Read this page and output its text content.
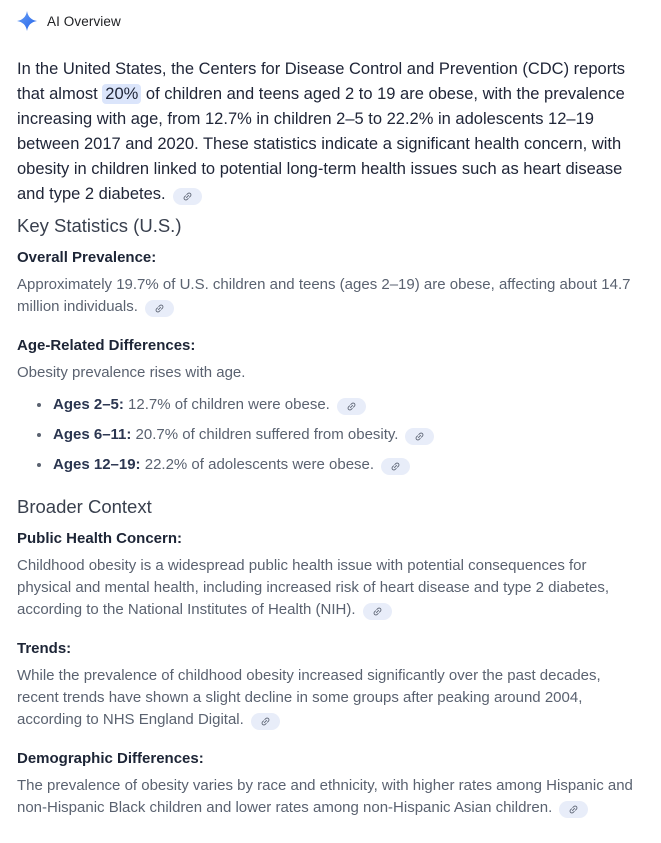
AI Overview

In the United States, the Centers for Disease Control and Prevention (CDC) reports that almost 20% of children and teens aged 2 to 19 are obese, with the prevalence increasing with age, from 12.7% in children 2–5 to 22.2% in adolescents 12–19 between 2017 and 2020. These statistics indicate a significant health concern, with obesity in children linked to potential long-term health issues such as heart disease and type 2 diabetes.

Key Statistics (U.S.)
Overall Prevalence:

Approximately 19.7% of U.S. children and teens (ages 2–19) are obese, affecting about 14.7 million individuals.

Age-Related Differences:

Obesity prevalence rises with age.

Ages 2–5: 12.7% of children were obese.
Ages 6–11: 20.7% of children suffered from obesity.
Ages 12–19: 22.2% of adolescents were obese.
Broader Context
Public Health Concern:

Childhood obesity is a widespread public health issue with potential consequences for physical and mental health, including increased risk of heart disease and type 2 diabetes, according to the National Institutes of Health (NIH).

Trends:

While the prevalence of childhood obesity increased significantly over the past decades, recent trends have shown a slight decline in some groups after peaking around 2004, according to NHS England Digital.

Demographic Differences:

The prevalence of obesity varies by race and ethnicity, with higher rates among Hispanic and non-Hispanic Black children and lower rates among non-Hispanic Asian children.
